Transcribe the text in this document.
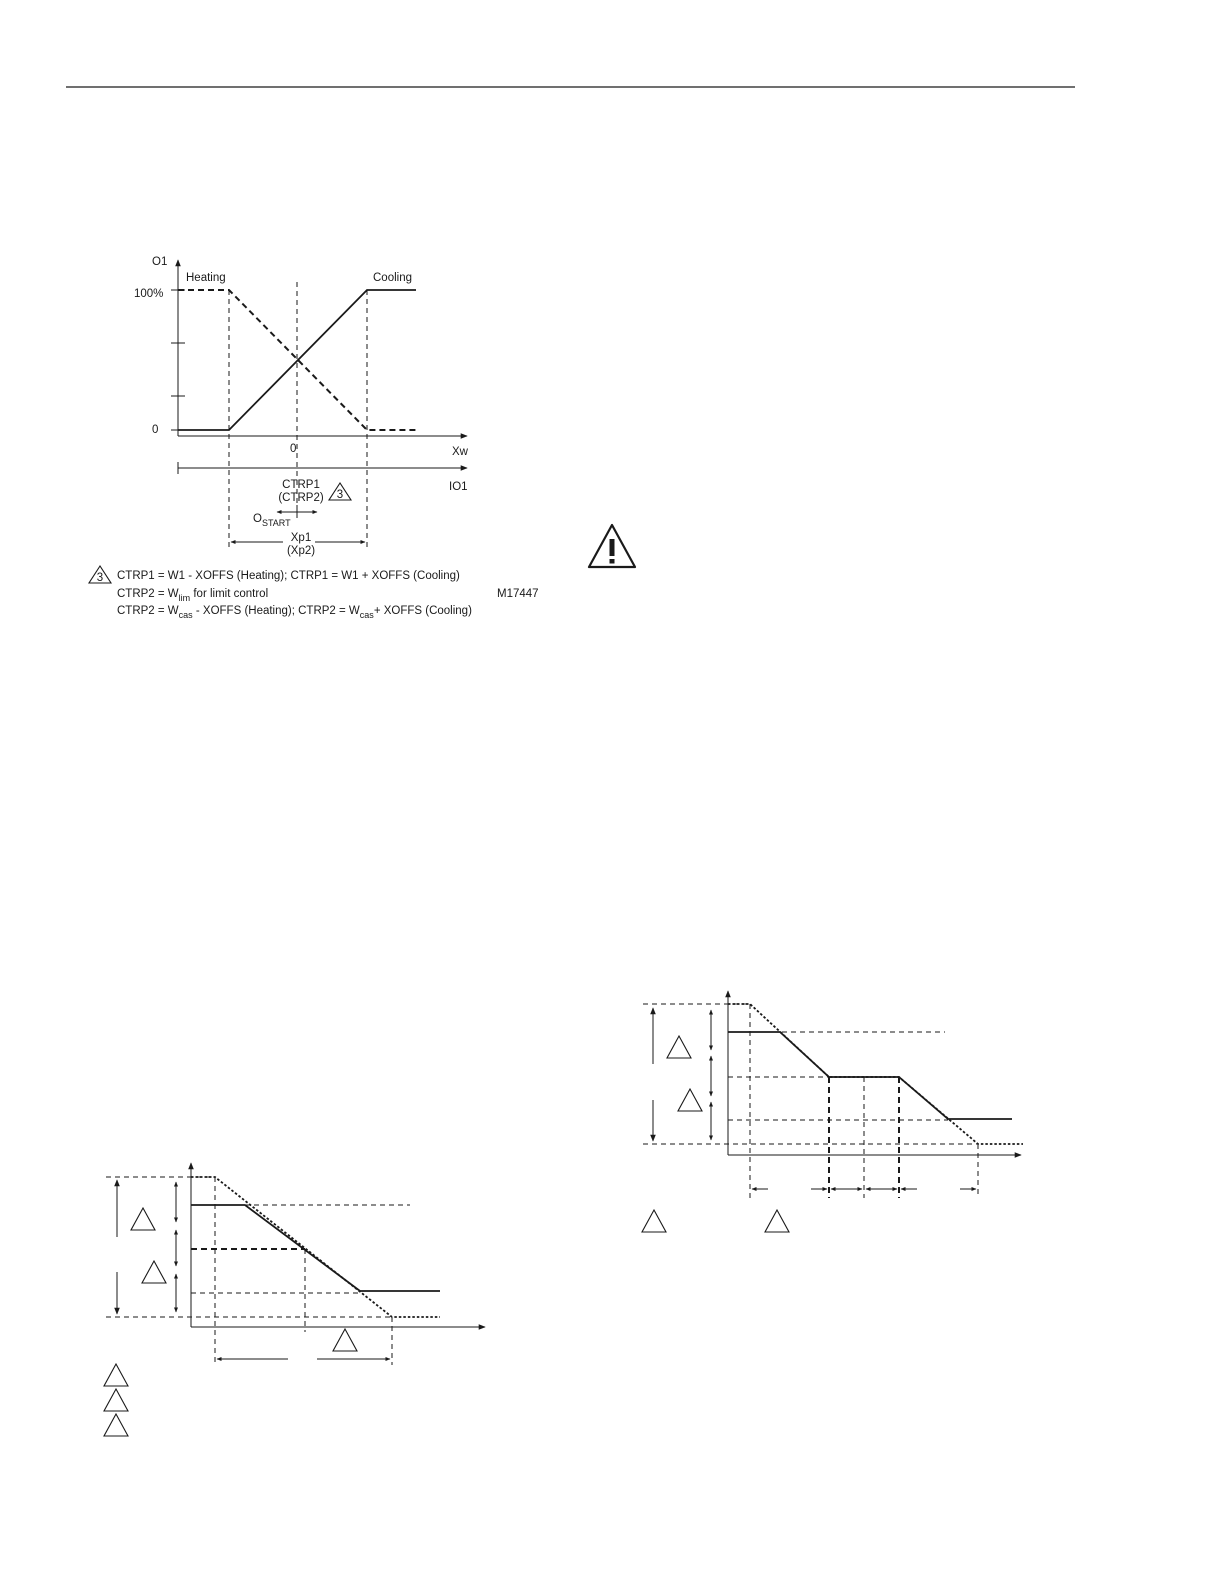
3
O1
Heating	Cooling
100%
0
0	Xw
IO1
CTRP1
(CTRP2)
$O_{START}$
Xp1
(Xp2)
3 CTRP1 = W1 - XOFFS (Heating); CTRP1 = W1 + XOFFS (Cooling)
CTRP2 = $W_{lim}$ for limit control	M17447
CTRP2 = $W_{cas}$ - XOFFS (Heating); CTRP2 = $W_{cas}+$ XOFFS (Cooling)
